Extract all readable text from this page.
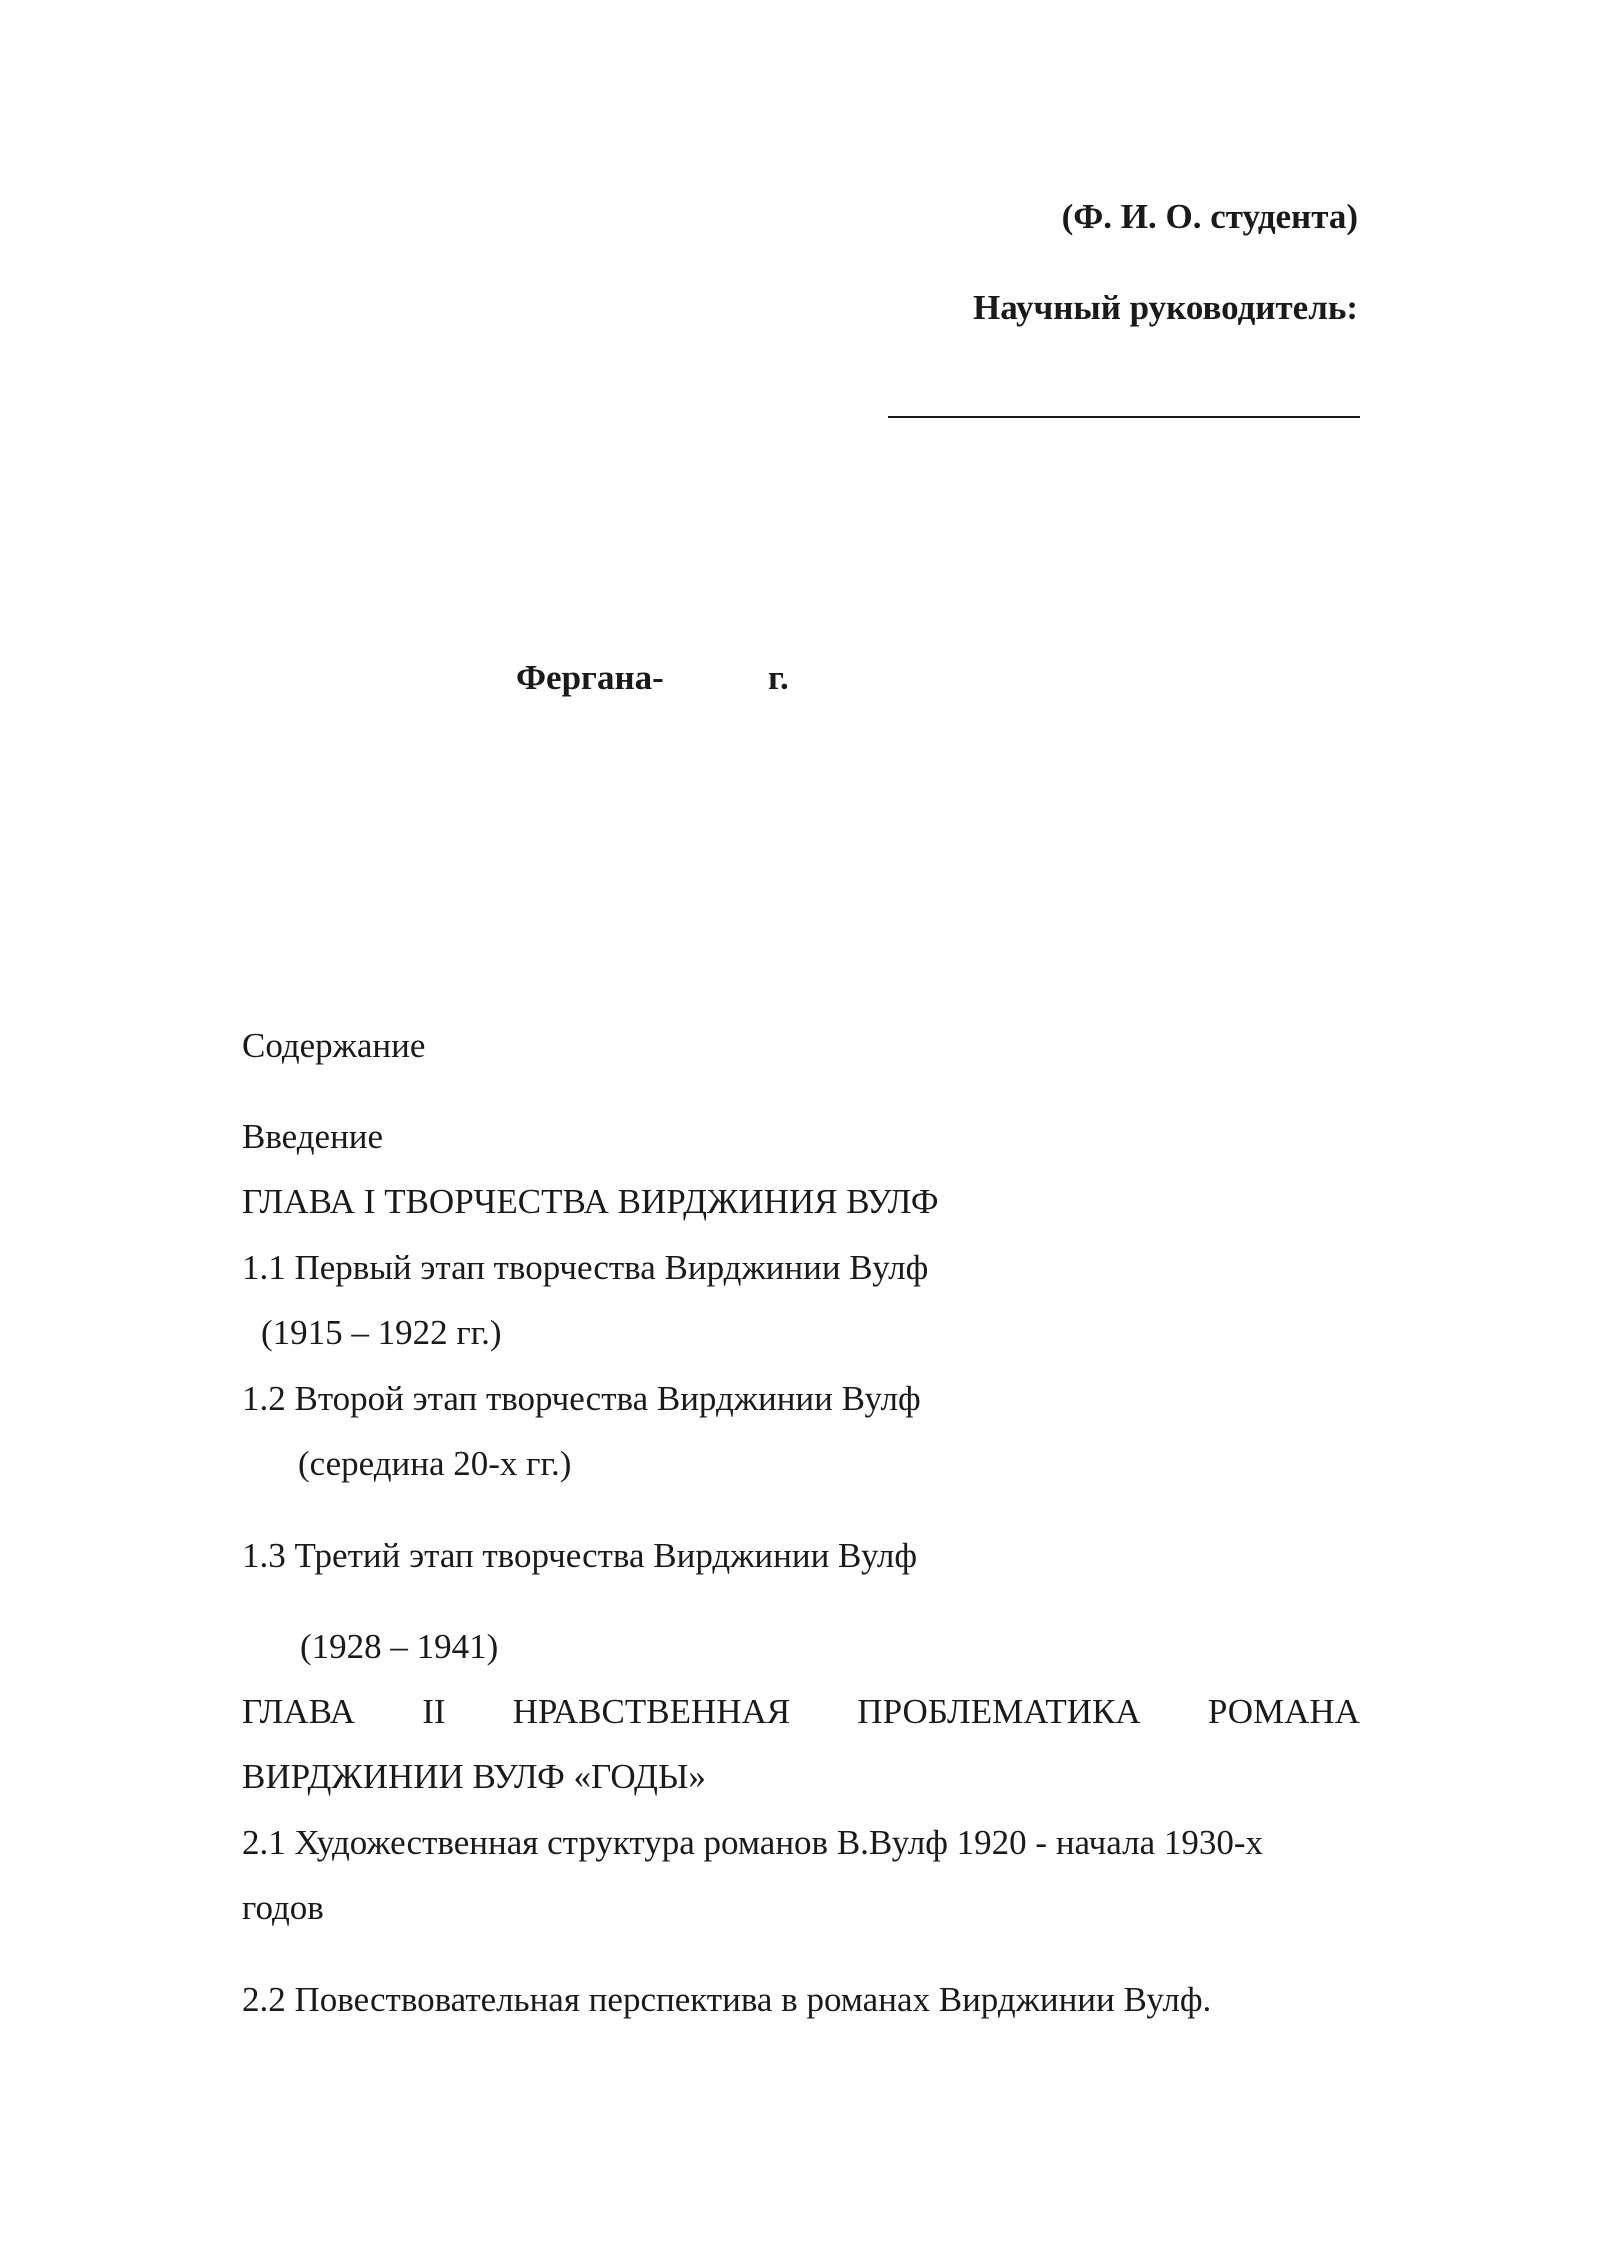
(Ф. И. О. студента)
Научный руководитель:
Фергана-	г.
Содержание
Введение
ГЛАВА I ТВОРЧЕСТВА ВИРДЖИНИЯ ВУЛФ
1.1 Первый этап творчества Вирджинии Вулф
(1915 – 1922 гг.)
1.2 Второй этап творчества Вирджинии Вулф
(середина 20-х гг.)
1.3 Третий этап творчества Вирджинии Вулф
(1928 – 1941)
ГЛАВА II НРАВСТВЕННАЯ ПРОБЛЕМАТИКА РОМАНА
ВИРДЖИНИИ ВУЛФ «ГОДЫ»
2.1 Художественная структура романов В.Вулф 1920 - начала 1930-х
годов
2.2 Повествовательная перспектива в романах Вирджинии Вулф.
